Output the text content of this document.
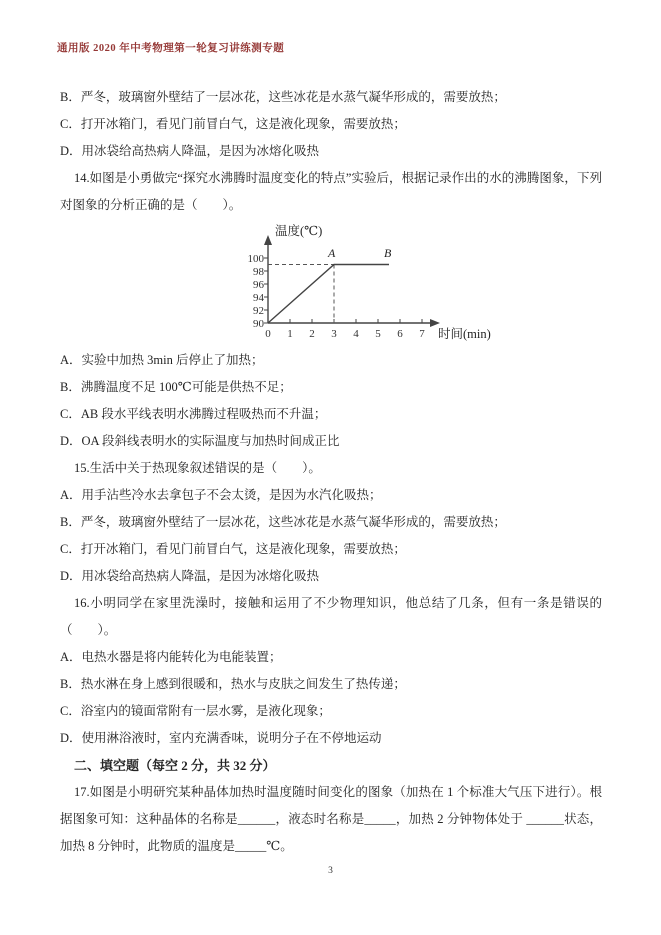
通用版 2020 年中考物理第一轮复习讲练测专题

B．严冬，玻璃窗外壁结了一层冰花，这些冰花是水蒸气凝华形成的，需要放热；

C．打开冰箱门，看见门前冒白气，这是液化现象，需要放热；

D．用冰袋给高热病人降温，是因为冰熔化吸热

14.如图是小勇做完“探究水沸腾时温度变化的特点”实验后，根据记录作出的水的沸腾图象，下列对图象的分析正确的是（　　）。

A	B
90
92
94
96
98
100
0 1 2 3 4 5 6 7
温度(℃)
时间(min)

A．实验中加热 3min 后停止了加热；

B．沸腾温度不足 100℃可能是供热不足；

C．AB 段水平线表明水沸腾过程吸热而不升温；

D．OA 段斜线表明水的实际温度与加热时间成正比

15.生活中关于热现象叙述错误的是（　　）。

A．用手沾些冷水去拿包子不会太烫，是因为水汽化吸热；

B．严冬，玻璃窗外壁结了一层冰花，这些冰花是水蒸气凝华形成的，需要放热；

C．打开冰箱门，看见门前冒白气，这是液化现象，需要放热；

D．用冰袋给高热病人降温，是因为冰熔化吸热

16.小明同学在家里洗澡时，接触和运用了不少物理知识，他总结了几条，但有一条是错误的（　　）。

A．电热水器是将内能转化为电能装置；

B．热水淋在身上感到很暖和，热水与皮肤之间发生了热传递；

C．浴室内的镜面常附有一层水雾，是液化现象；

D．使用淋浴液时，室内充满香味，说明分子在不停地运动

二、填空题（每空 2 分，共 32 分）

17.如图是小明研究某种晶体加热时温度随时间变化的图象（加热在 1 个标准大气压下进行）。根据图象可知：这种晶体的名称是______，液态时名称是_____，加热 2 分钟物体处于 ______状态，加热 8 分钟时，此物质的温度是_____℃。

3
